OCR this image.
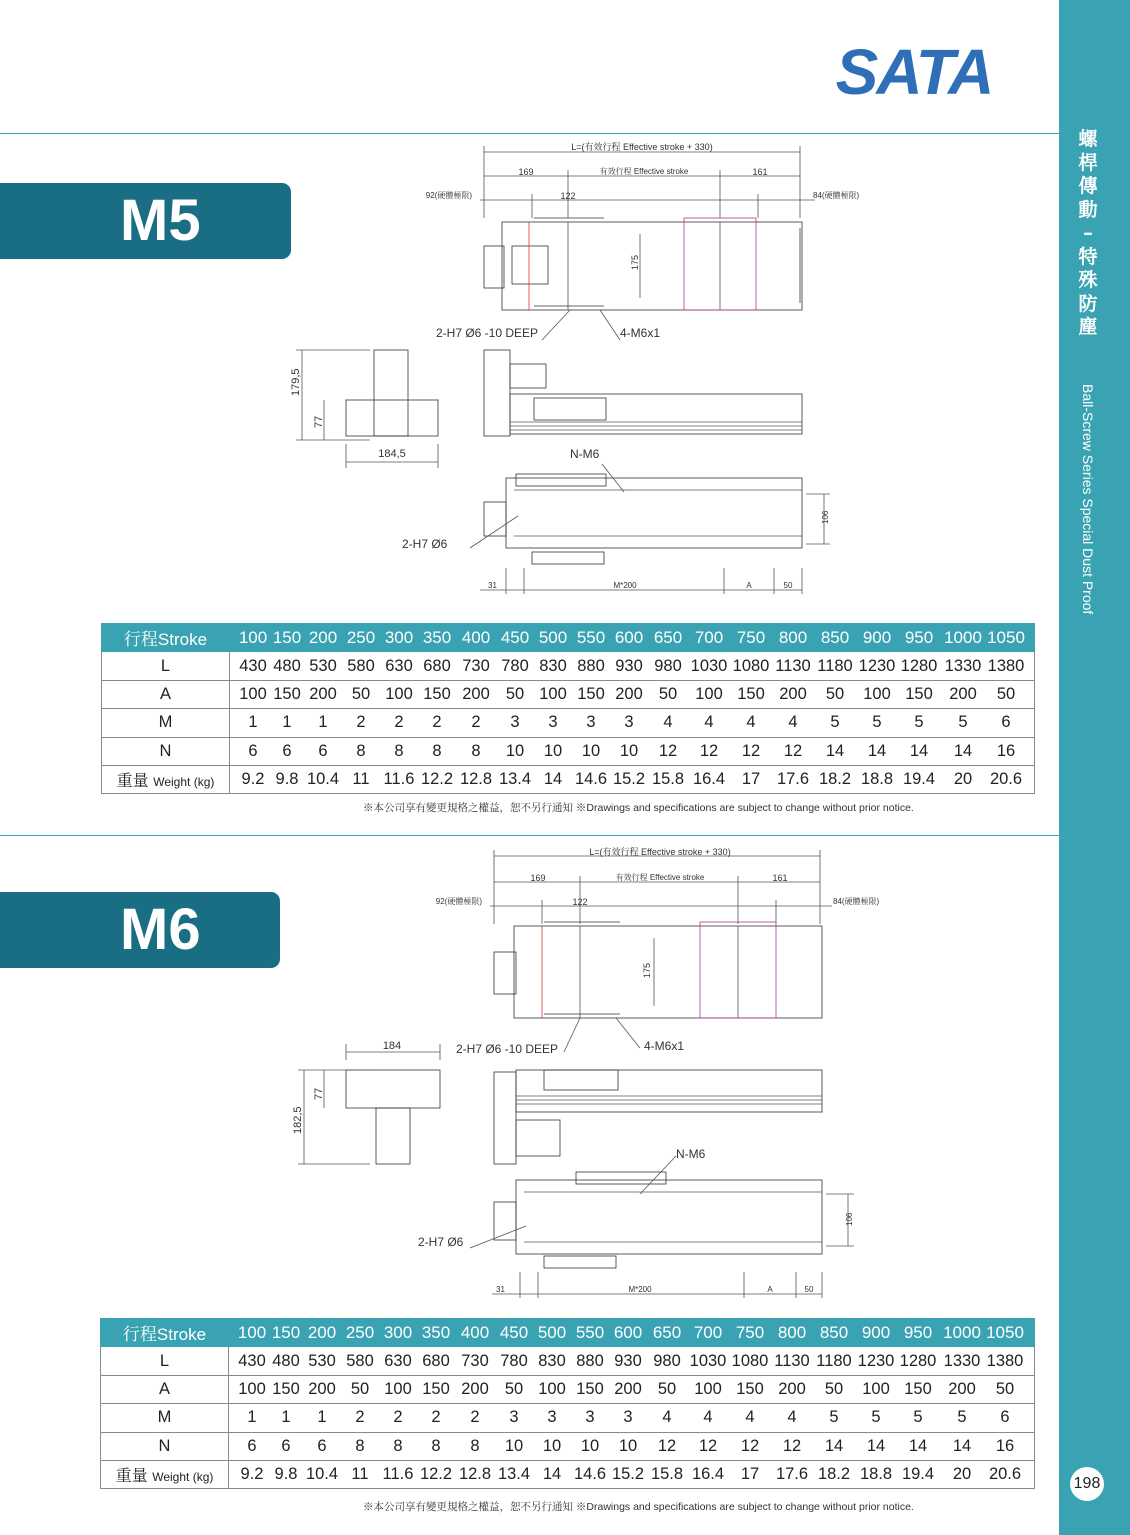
螺
桿
傳
動
–
特
殊
防
塵
Ball-Screw Series Special Dust Proof
198
SATA
M5
M6
L=(有效行程 Effective stroke + 330)
169	有效行程 Effective stroke	161
92(硬體極限)	122	84(硬體極限)
175
2-H7 Ø6 -10 DEEP	4-M6x1
179,5
77
184,5	N-M6
2-H7 Ø6
106
31	M*200	A	50
行程Stroke	100 150 200 250 300 350 400 450 500 550 600 650 700 750 800 850 900 950 1000 1050
L	430 480 530 580 630 680 730 780 830 880 930 980 1030 1080 1130 1180 1230 1280 1330 1380
A	100 150 200 50 100 150 200 50 100 150 200 50 100 150 200 50 100 150 200 50
M	1 1 1 2 2 2 2 3 3 3 3 4 4 4 4 5 5 5 5 6
N	6 6 6 8 8 8 8 10 10 10 10 12 12 12 12 14 14 14 14 16
重量 Weight (kg)	9.2 9.8 10.4 11 11.6 12.2 12.8 13.4 14 14.6 15.2 15.8 16.4 17 17.6 18.2 18.8 19.4 20 20.6
※本公司享有變更規格之權益，恕不另行通知 ※Drawings and specifications are subject to change without prior notice.
L=(有效行程 Effective stroke + 330)
169	有效行程 Effective stroke	161
92(硬體極限)	122	84(硬體極限)
175
184	2-H7 Ø6 -10 DEEP	4-M6x1
77
182,5
N-M6
2-H7 Ø6
106
31	M*200	A	50
行程Stroke	100 150 200 250 300 350 400 450 500 550 600 650 700 750 800 850 900 950 1000 1050
L	430 480 530 580 630 680 730 780 830 880 930 980 1030 1080 1130 1180 1230 1280 1330 1380
A	100 150 200 50 100 150 200 50 100 150 200 50 100 150 200 50 100 150 200 50
M	1 1 1 2 2 2 2 3 3 3 3 4 4 4 4 5 5 5 5 6
N	6 6 6 8 8 8 8 10 10 10 10 12 12 12 12 14 14 14 14 16
重量 Weight (kg)	9.2 9.8 10.4 11 11.6 12.2 12.8 13.4 14 14.6 15.2 15.8 16.4 17 17.6 18.2 18.8 19.4 20 20.6
※本公司享有變更規格之權益，恕不另行通知 ※Drawings and specifications are subject to change without prior notice.
